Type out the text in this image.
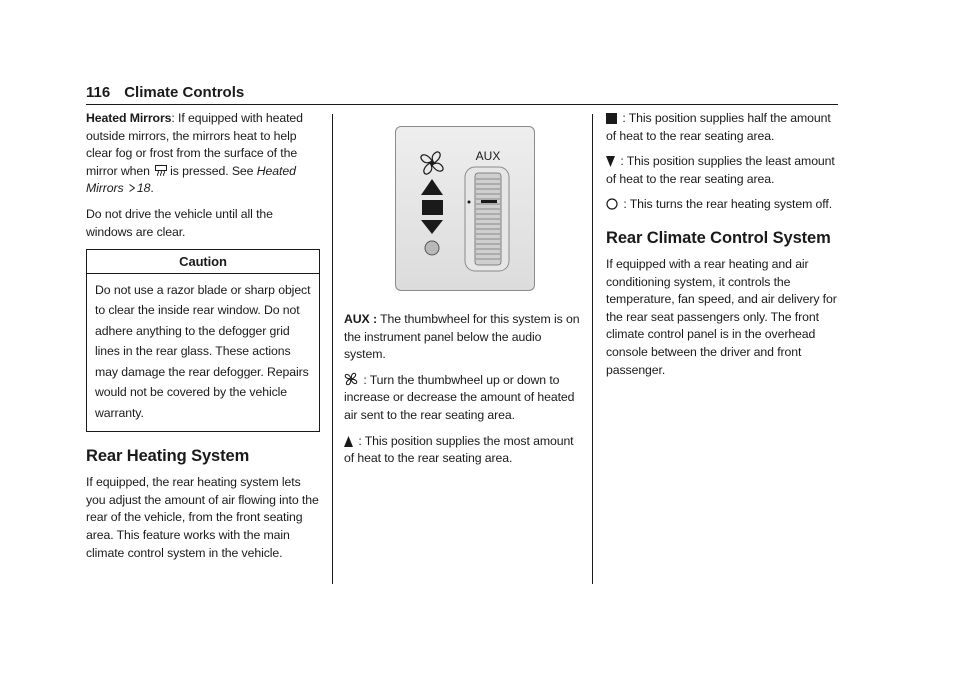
116 Climate Controls

Heated Mirrors: If equipped with heated outside mirrors, the mirrors heat to help clear fog or frost from the surface of the mirror when is pressed. See Heated Mirrors 18.

Do not drive the vehicle until all the windows are clear.

Caution
Do not use a razor blade or sharp object to clear the inside rear window. Do not adhere anything to the defogger grid lines in the rear glass. These actions may damage the rear defogger. Repairs would not be covered by the vehicle warranty.
Rear Heating System

If equipped, the rear heating system lets you adjust the amount of air flowing into the rear of the vehicle, from the front seating area. This feature works with the main climate control system in the vehicle.

AUX

AUX : The thumbwheel for this system is on the instrument panel below the audio system.

: Turn the thumbwheel up or down to increase or decrease the amount of heated air sent to the rear seating area.

: This position supplies the most amount of heat to the rear seating area.

: This position supplies half the amount of heat to the rear seating area.

: This position supplies the least amount of heat to the rear seating area.

: This turns the rear heating system off.

Rear Climate Control System

If equipped with a rear heating and air conditioning system, it controls the temperature, fan speed, and air delivery for the rear seat passengers only. The front climate control panel is in the overhead console between the driver and front passenger.
